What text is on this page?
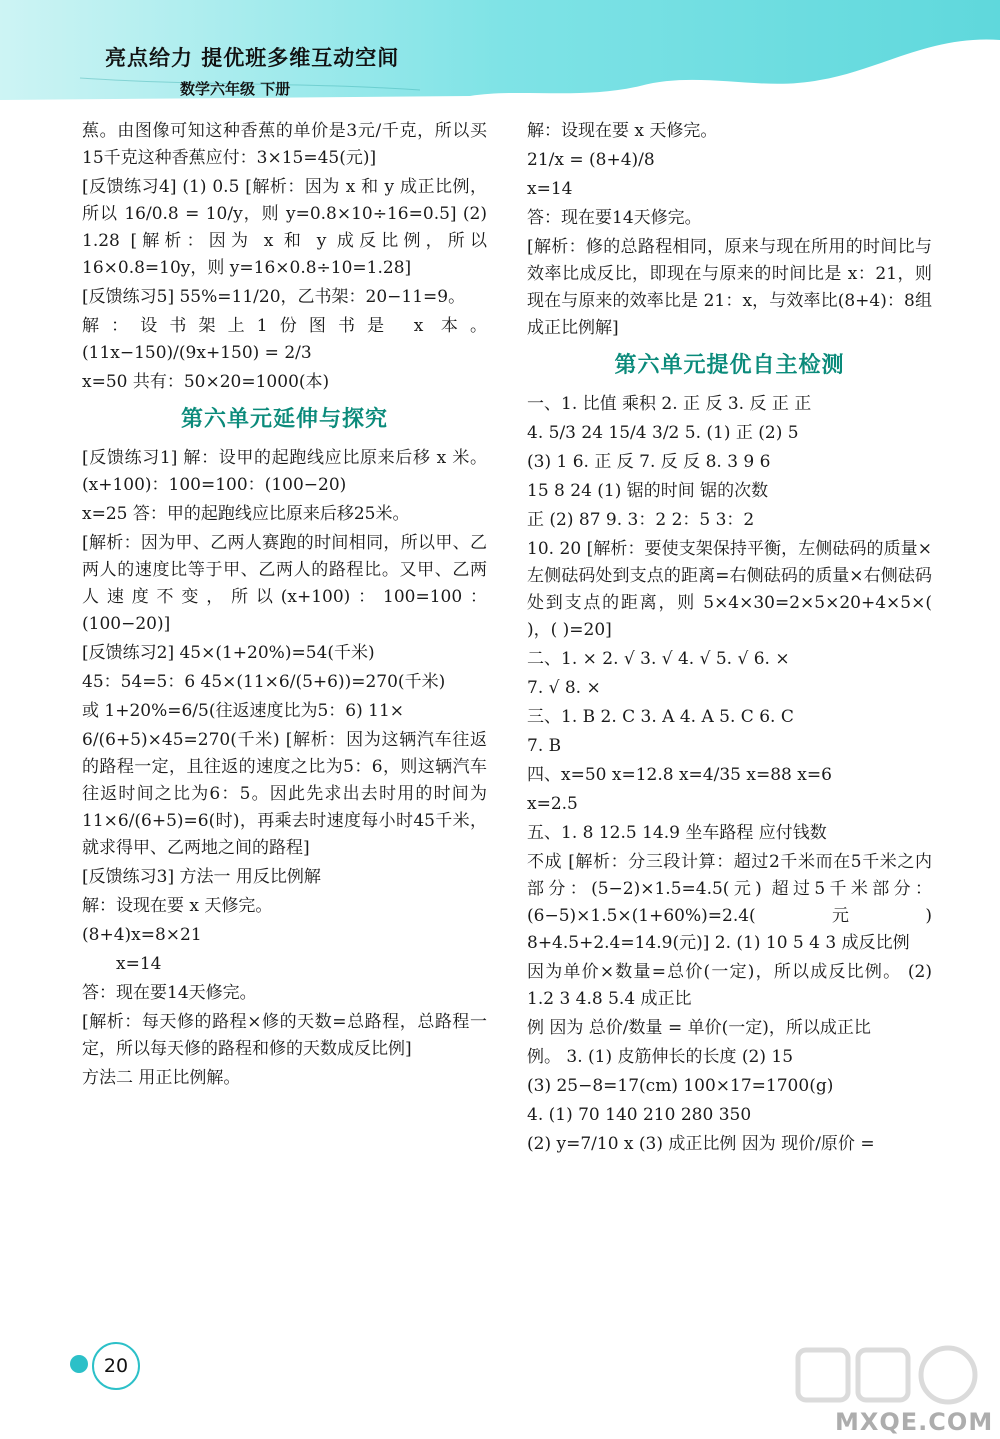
亮点给力 提优班多维互动空间
数学六年级 下册

蕉。由图像可知这种香蕉的单价是3元/千克，所以买15千克这种香蕉应付：3×15=45(元)]

[反馈练习4] (1) 0.5 [解析：因为 x 和 y 成正比例，所以 16/0.8 = 10/y，则 y=0.8×10÷16=0.5] (2) 1.28 [解析：因为 x 和 y 成反比例，所以 16×0.8=10y，则 y=16×0.8÷10=1.28]

[反馈练习5] 55%=11/20，乙书架：20−11=9。

解：设书架上1份图书是 x 本。(11x−150)/(9x+150) = 2/3

x=50 共有：50×20=1000(本)

第六单元延伸与探究

[反馈练习1] 解：设甲的起跑线应比原来后移 x 米。(x+100)：100=100：(100−20)

x=25 答：甲的起跑线应比原来后移25米。

[解析：因为甲、乙两人赛跑的时间相同，所以甲、乙两人的速度比等于甲、乙两人的路程比。又甲、乙两人速度不变，所以(x+100)：100=100：(100−20)]

[反馈练习2] 45×(1+20%)=54(千米)

45：54=5：6 45×(11×6/(5+6))=270(千米)

或 1+20%=6/5(往返速度比为5：6) 11×

6/(6+5)×45=270(千米) [解析：因为这辆汽车往返的路程一定，且往返的速度之比为5：6，则这辆汽车往返时间之比为6：5。因此先求出去时用的时间为 11×6/(6+5)=6(时)，再乘去时速度每小时45千米，就求得甲、乙两地之间的路程]

[反馈练习3] 方法一 用反比例解

解：设现在要 x 天修完。

(8+4)x=8×21

x=14

答：现在要14天修完。

[解析：每天修的路程×修的天数=总路程，总路程一定，所以每天修的路程和修的天数成反比例]

方法二 用正比例解。

解：设现在要 x 天修完。

21/x = (8+4)/8

x=14

答：现在要14天修完。

[解析：修的总路程相同，原来与现在所用的时间比与效率比成反比，即现在与原来的时间比是 x：21，则现在与原来的效率比是 21：x，与效率比(8+4)：8组成正比例解]

第六单元提优自主检测

一、1. 比值 乘积 2. 正 反 3. 反 正 正

4. 5/3 24 15/4 3/2 5. (1) 正 (2) 5

(3) 1 6. 正 反 7. 反 反 8. 3 9 6

15 8 24 (1) 锯的时间 锯的次数

正 (2) 87 9. 3：2 2：5 3：2

10. 20 [解析：要使支架保持平衡，左侧砝码的质量×左侧砝码处到支点的距离=右侧砝码的质量×右侧砝码处到支点的距离，则 5×4×30=2×5×20+4×5×( )，( )=20]

二、1. × 2. √ 3. √ 4. √ 5. √ 6. ×

7. √ 8. ×

三、1. B 2. C 3. A 4. A 5. C 6. C

7. B

四、x=50 x=12.8 x=4/35 x=88 x=6

x=2.5

五、1. 8 12.5 14.9 坐车路程 应付钱数

不成 [解析：分三段计算：超过2千米而在5千米之内部分：(5−2)×1.5=4.5(元) 超过5千米部分：(6−5)×1.5×(1+60%)=2.4(元) 8+4.5+2.4=14.9(元)] 2. (1) 10 5 4 3 成反比例

因为单价×数量=总价(一定)，所以成反比例。 (2) 1.2 3 4.8 5.4 成正比

例 因为 总价/数量 = 单价(一定)，所以成正比

例。 3. (1) 皮筋伸长的长度 (2) 15

(3) 25−8=17(cm) 100×17=1700(g)

4. (1) 70 140 210 280 350

(2) y=7/10 x (3) 成正比例 因为 现价/原价 =

20
MXQE.COM
